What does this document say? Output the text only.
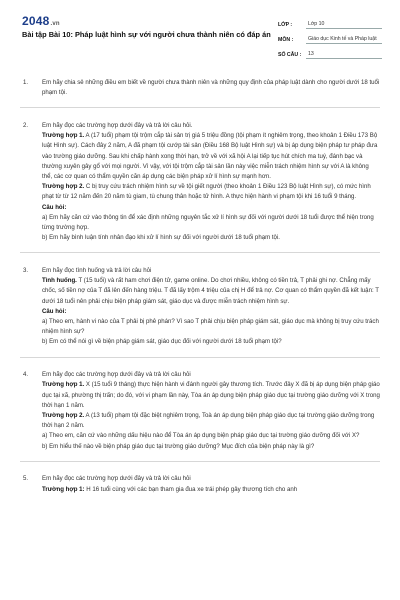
2048.vn
Bài tập Bài 10: Pháp luật hình sự với người chưa thành niên có đáp án
LỚP :	Lớp 10
MÔN :	Giáo dục Kinh tế và Pháp luật
SỐ CÂU :	13
1. Em hãy chia sẻ những điều em biết về người chưa thành niên và những quy định của pháp luật dành cho người dưới 18 tuổi phạm tội.

2. Em hãy đọc các trường hợp dưới đây và trả lời câu hỏi.

Trường hợp 1. A (17 tuổi) phạm tội trộm cắp tài sản trị giá 5 triệu đồng (tội phạm ít nghiêm trọng, theo khoản 1 Điều 173 Bộ luật Hình sự). Cách đây 2 năm, A đã phạm tội cướp tài sản (Điều 168 Bộ luật Hình sự) và bị áp dụng biện pháp tư pháp đưa vào trường giáo dưỡng. Sau khi chấp hành xong thời hạn, trở về với xã hội A lại tiếp tục hút chích ma tuý, đánh bạc và thường xuyên gây gổ với mọi người. Vì vậy, với tội trộm cắp tài sản lần này việc miễn trách nhiệm hình sự với A là không thể, các cơ quan có thẩm quyền căn áp dụng các biện pháp xử lí hình sự mạnh hơn.

Trường hợp 2. C bị truy cứu trách nhiệm hình sự về tội giết người (theo khoản 1 Điều 123 Bộ luật Hình sự), có mức hình phạt từ từ 12 năm đến 20 năm tù giam, tù chung thân hoặc tử hình. A thực hiện hành vi phạm tội khi 16 tuổi 9 tháng.

Câu hỏi:

a) Em hãy căn cứ vào thông tin để xác định những nguyên tắc xử lí hình sự đối với người dưới 18 tuổi được thể hiện trong từng trường hợp.

b) Em hãy bình luận tính nhân đạo khi xử lí hình sự đối với người dưới 18 tuổi phạm tội.

3. Em hãy đọc tình huống và trả lời câu hỏi

Tình huống. T (15 tuổi) và rất ham chơi điện tử, game online. Do chơi nhiều, không có tiền trả, T phải ghi nợ. Chẳng mấy chốc, số tiền nợ của T đã lên đến hàng triệu. T đã lấy trộm 4 triệu của chị H để trả nợ. Cơ quan có thẩm quyền đã kết luận: T dưới 18 tuổi nên phải chịu biện pháp giám sát, giáo dục và được miễn trách nhiệm hình sự.

Câu hỏi:

a) Theo em, hành vi nào của T phải bị phê phán? Vì sao T phải chịu biện pháp giám sát, giáo dục mà không bị truy cứu trách nhiệm hình sự?

b) Em có thể nói gì về biện pháp giám sát, giáo dục đối với người dưới 18 tuổi phạm tội?

4. Em hãy đọc các trường hợp dưới đây và trả lời câu hỏi

Trường hợp 1. X (15 tuổi 9 tháng) thực hiện hành vi đánh người gây thương tích. Trước đây X đã bị áp dụng biện pháp giáo dục tại xã, phường thị trấn; do đó, với vi phạm lần này, Tòa án áp dụng biện pháp giáo dục tại trường giáo dưỡng với X trong thời hạn 1 năm.

Trường hợp 2. A (13 tuổi) phạm tội đặc biệt nghiêm trọng, Toà án áp dụng biện pháp giáo dục tại trường giáo dưỡng trong thời hạn 2 năm.

a) Theo em, căn cứ vào những dấu hiệu nào để Tòa án áp dụng biện pháp giáo dục tại trường giáo dưỡng đối với X?

b) Em hiểu thế nào về biện pháp giáo dục tại trường giáo dưỡng? Mục đích của biện pháp này là gì?

5. Em hãy đọc các trường hợp dưới đây và trả lời câu hỏi

Trường hợp 1: H 16 tuổi cùng với các bạn tham gia đua xe trái phép gây thương tích cho anh
